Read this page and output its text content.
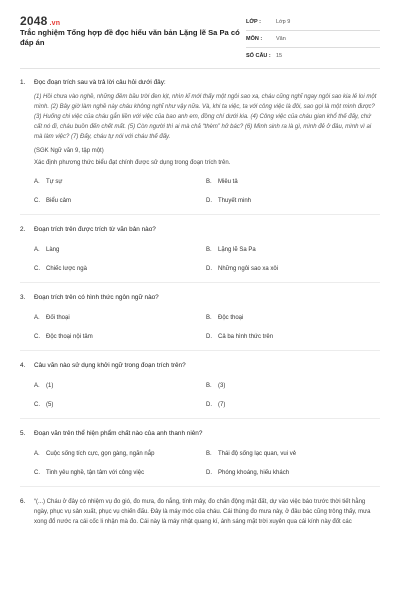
2048 .vn
Trắc nghiệm Tổng hợp đề đọc hiểu văn bản Lặng lẽ Sa Pa có đáp án
LỚP :	Lớp 9
MÔN :	Văn
SỐ CÂU : 15
1.	Đọc đoạn trích sau và trả lời câu hỏi dưới đây:
(1) Hồi chưa vào nghề, những đêm bầu trời đen kịt, nhìn kĩ mới thấy một ngôi sao xa, cháu cũng nghĩ ngay ngôi sao kia lẻ loi một mình. (2) Bây giờ làm nghề này cháu không nghĩ như vậy nữa. Và, khi ta việc, ta với công việc là đôi, sao gọi là một mình được? (3) Huống chi việc của cháu gắn liền với việc của bao anh em, đồng chí dưới kia. (4) Công việc của cháu gian khổ thế đấy, chứ cất nó đi, cháu buồn đến chết mất. (5) Còn người thì ai mà chả “thèm” hở bác? (6) Mình sinh ra là gì, mình đẻ ở đâu, mình vì ai mà làm việc? (7) Đấy, cháu tự nói với cháu thế đấy.
(SGK Ngữ văn 9, tập một)
Xác định phương thức biểu đạt chính được sử dụng trong đoạn trích trên.
A.	Tự sự	B.	Miêu tả
C.	Biểu cảm	D.	Thuyết minh
2.	Đoạn trích trên được trích từ văn bản nào?
A.	Làng	B.	Lặng lẽ Sa Pa
C.	Chiếc lược ngà	D.	Những ngôi sao xa xôi
3.	Đoạn trích trên có hình thức ngôn ngữ nào?
A.	Đối thoại	B.	Độc thoại
C.	Độc thoại nội tâm	D.	Cả ba hình thức trên
4.	Câu văn nào sử dụng khởi ngữ trong đoạn trích trên?
A.	(1)	B.	(3)
C.	(5)	D.	(7)
5.	Đoạn văn trên thể hiện phẩm chất nào của anh thanh niên?
A.	Cuộc sống tích cực, gọn gàng, ngăn nắp	B.	Thái độ sống lạc quan, vui vẻ
C.	Tinh yêu nghề, tận tâm với công việc	D.	Phóng khoáng, hiếu khách
6.	“(...) Cháu ở đây có nhiệm vụ đo gió, đo mưa, đo nắng, tính mây, đo chấn động mặt đất, dự vào việc báo trước thời tiết hằng ngày, phục vụ sản xuất, phục vụ chiến đấu. Đây là máy móc của cháu. Cái thùng đo mưa này, ở đâu bác cũng trông thấy, mưa xong đổ nước ra cái cốc li nhận mà đo. Cái này là máy nhật quang kí, ánh sáng mặt trời xuyên qua cái kính này đốt các
